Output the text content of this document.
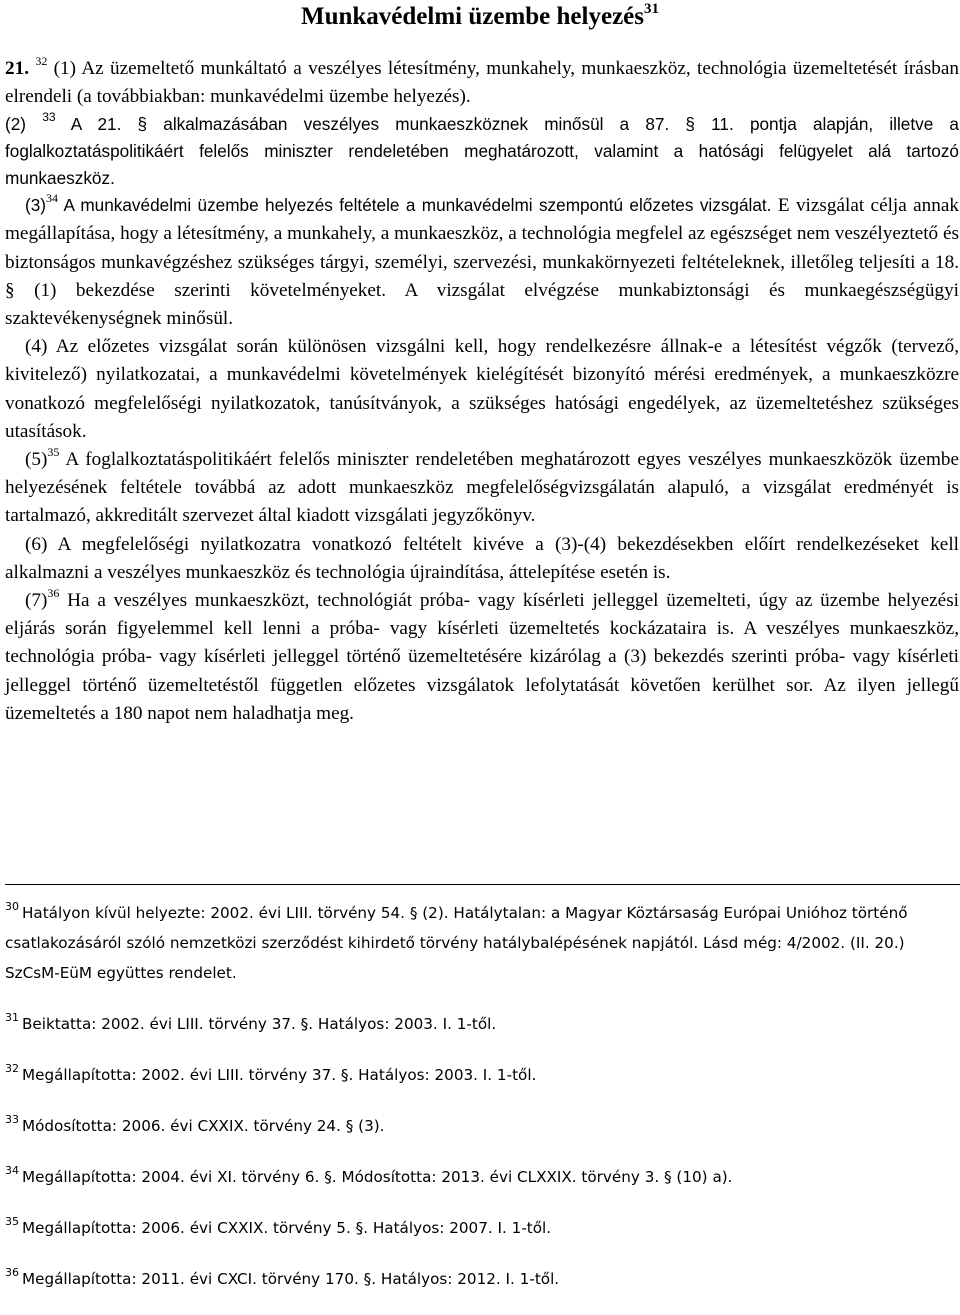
Munkavédelmi üzembe helyezés$^{31}$

21. $^{32}$ (1) Az üzemeltető munkáltató a veszélyes létesítmény, munkahely, munkaeszköz, technológia üzemeltetését írásban elrendeli (a továbbiakban: munkavédelmi üzembe helyezés).

(2) $^{33}$ A 21. § alkalmazásában veszélyes munkaeszköznek minősül a 87. § 11. pontja alapján, illetve a foglalkoztatáspolitikáért felelős miniszter rendeletében meghatározott, valamint a hatósági felügyelet alá tartozó munkaeszköz.

$(3)^{34}$ A munkavédelmi üzembe helyezés feltétele a munkavédelmi szempontú előzetes vizsgálat. E vizsgálat célja annak megállapítása, hogy a létesítmény, a munkahely, a munkaeszköz, a technológia megfelel az egészséget nem veszélyeztető és biztonságos munkavégzéshez szükséges tárgyi, személyi, szervezési, munkakörnyezeti feltételeknek, illetőleg teljesíti a 18. § (1) bekezdése szerinti követelményeket. A vizsgálat elvégzése munkabiztonsági és munkaegészségügyi szaktevékenységnek minősül.

(4) Az előzetes vizsgálat során különösen vizsgálni kell, hogy rendelkezésre állnak-e a létesítést végzők (tervező, kivitelező) nyilatkozatai, a munkavédelmi követelmények kielégítését bizonyító mérési eredmények, a munkaeszközre vonatkozó megfelelőségi nyilatkozatok, tanúsítványok, a szükséges hatósági engedélyek, az üzemeltetéshez szükséges utasítások.

$(5)^{35}$ A foglalkoztatáspolitikáért felelős miniszter rendeletében meghatározott egyes veszélyes munkaeszközök üzembe helyezésének feltétele továbbá az adott munkaeszköz megfelelőségvizsgálatán alapuló, a vizsgálat eredményét is tartalmazó, akkreditált szervezet által kiadott vizsgálati jegyzőkönyv.

(6) A megfelelőségi nyilatkozatra vonatkozó feltételt kivéve a (3)-(4) bekezdésekben előírt rendelkezéseket kell alkalmazni a veszélyes munkaeszköz és technológia újraindítása, áttelepítése esetén is.

$(7)^{36}$ Ha a veszélyes munkaeszközt, technológiát próba- vagy kísérleti jelleggel üzemelteti, úgy az üzembe helyezési eljárás során figyelemmel kell lenni a próba- vagy kísérleti üzemeltetés kockázataira is. A veszélyes munkaeszköz, technológia próba- vagy kísérleti jelleggel történő üzemeltetésére kizárólag a (3) bekezdés szerinti próba- vagy kísérleti jelleggel történő üzemeltetéstől független előzetes vizsgálatok lefolytatását követően kerülhet sor. Az ilyen jellegű üzemeltetés a 180 napot nem haladhatja meg.

$^{30}$ Hatályon kívül helyezte: 2002. évi LIII. törvény 54. § (2). Hatálytalan: a Magyar Köztársaság Európai Unióhoz történő csatlakozásáról szóló nemzetközi szerződést kihirdető törvény hatálybalépésének napjától. Lásd még: 4/2002. (II. 20.) SzCsM-EüM együttes rendelet.
$^{31}$ Beiktatta: 2002. évi LIII. törvény 37. §. Hatályos: 2003. I. 1-től.
$^{32}$ Megállapította: 2002. évi LIII. törvény 37. §. Hatályos: 2003. I. 1-től.
$^{33}$ Módosította: 2006. évi CXXIX. törvény 24. § (3).
$^{34}$ Megállapította: 2004. évi XI. törvény 6. §. Módosította: 2013. évi CLXXIX. törvény 3. § (10) a).
$^{35}$ Megállapította: 2006. évi CXXIX. törvény 5. §. Hatályos: 2007. I. 1-től.
$^{36}$ Megállapította: 2011. évi CXCI. törvény 170. §. Hatályos: 2012. I. 1-től.
